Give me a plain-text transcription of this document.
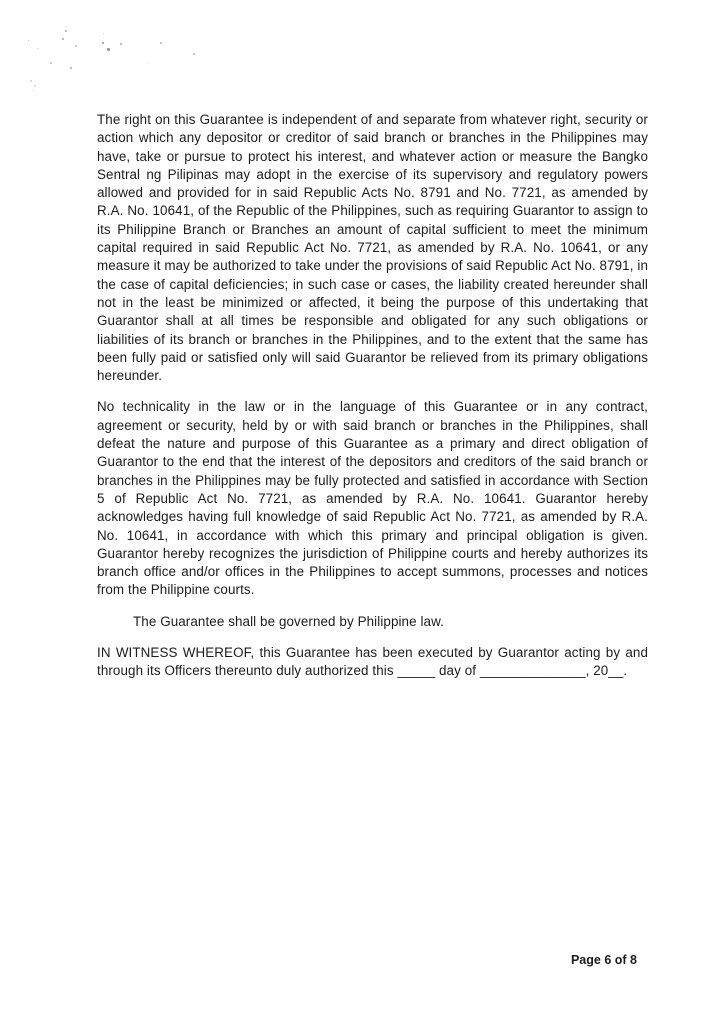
The right on this Guarantee is independent of and separate from whatever right, security or action which any depositor or creditor of said branch or branches in the Philippines may have, take or pursue to protect his interest, and whatever action or measure the Bangko Sentral ng Pilipinas may adopt in the exercise of its supervisory and regulatory powers allowed and provided for in said Republic Acts No. 8791 and No. 7721, as amended by R.A. No. 10641, of the Republic of the Philippines, such as requiring Guarantor to assign to its Philippine Branch or Branches an amount of capital sufficient to meet the minimum capital required in said Republic Act No. 7721, as amended by R.A. No. 10641, or any measure it may be authorized to take under the provisions of said Republic Act No. 8791, in the case of capital deficiencies; in such case or cases, the liability created hereunder shall not in the least be minimized or affected, it being the purpose of this undertaking that Guarantor shall at all times be responsible and obligated for any such obligations or liabilities of its branch or branches in the Philippines, and to the extent that the same has been fully paid or satisfied only will said Guarantor be relieved from its primary obligations hereunder.

No technicality in the law or in the language of this Guarantee or in any contract, agreement or security, held by or with said branch or branches in the Philippines, shall defeat the nature and purpose of this Guarantee as a primary and direct obligation of Guarantor to the end that the interest of the depositors and creditors of the said branch or branches in the Philippines may be fully protected and satisfied in accordance with Section 5 of Republic Act No. 7721, as amended by R.A. No. 10641. Guarantor hereby acknowledges having full knowledge of said Republic Act No. 7721, as amended by R.A. No. 10641, in accordance with which this primary and principal obligation is given. Guarantor hereby recognizes the jurisdiction of Philippine courts and hereby authorizes its branch office and/or offices in the Philippines to accept summons, processes and notices from the Philippine courts.

The Guarantee shall be governed by Philippine law.

IN WITNESS WHEREOF, this Guarantee has been executed by Guarantor acting by and through its Officers thereunto duly authorized this _____ day of ______________, 20__.

Page 6 of 8
